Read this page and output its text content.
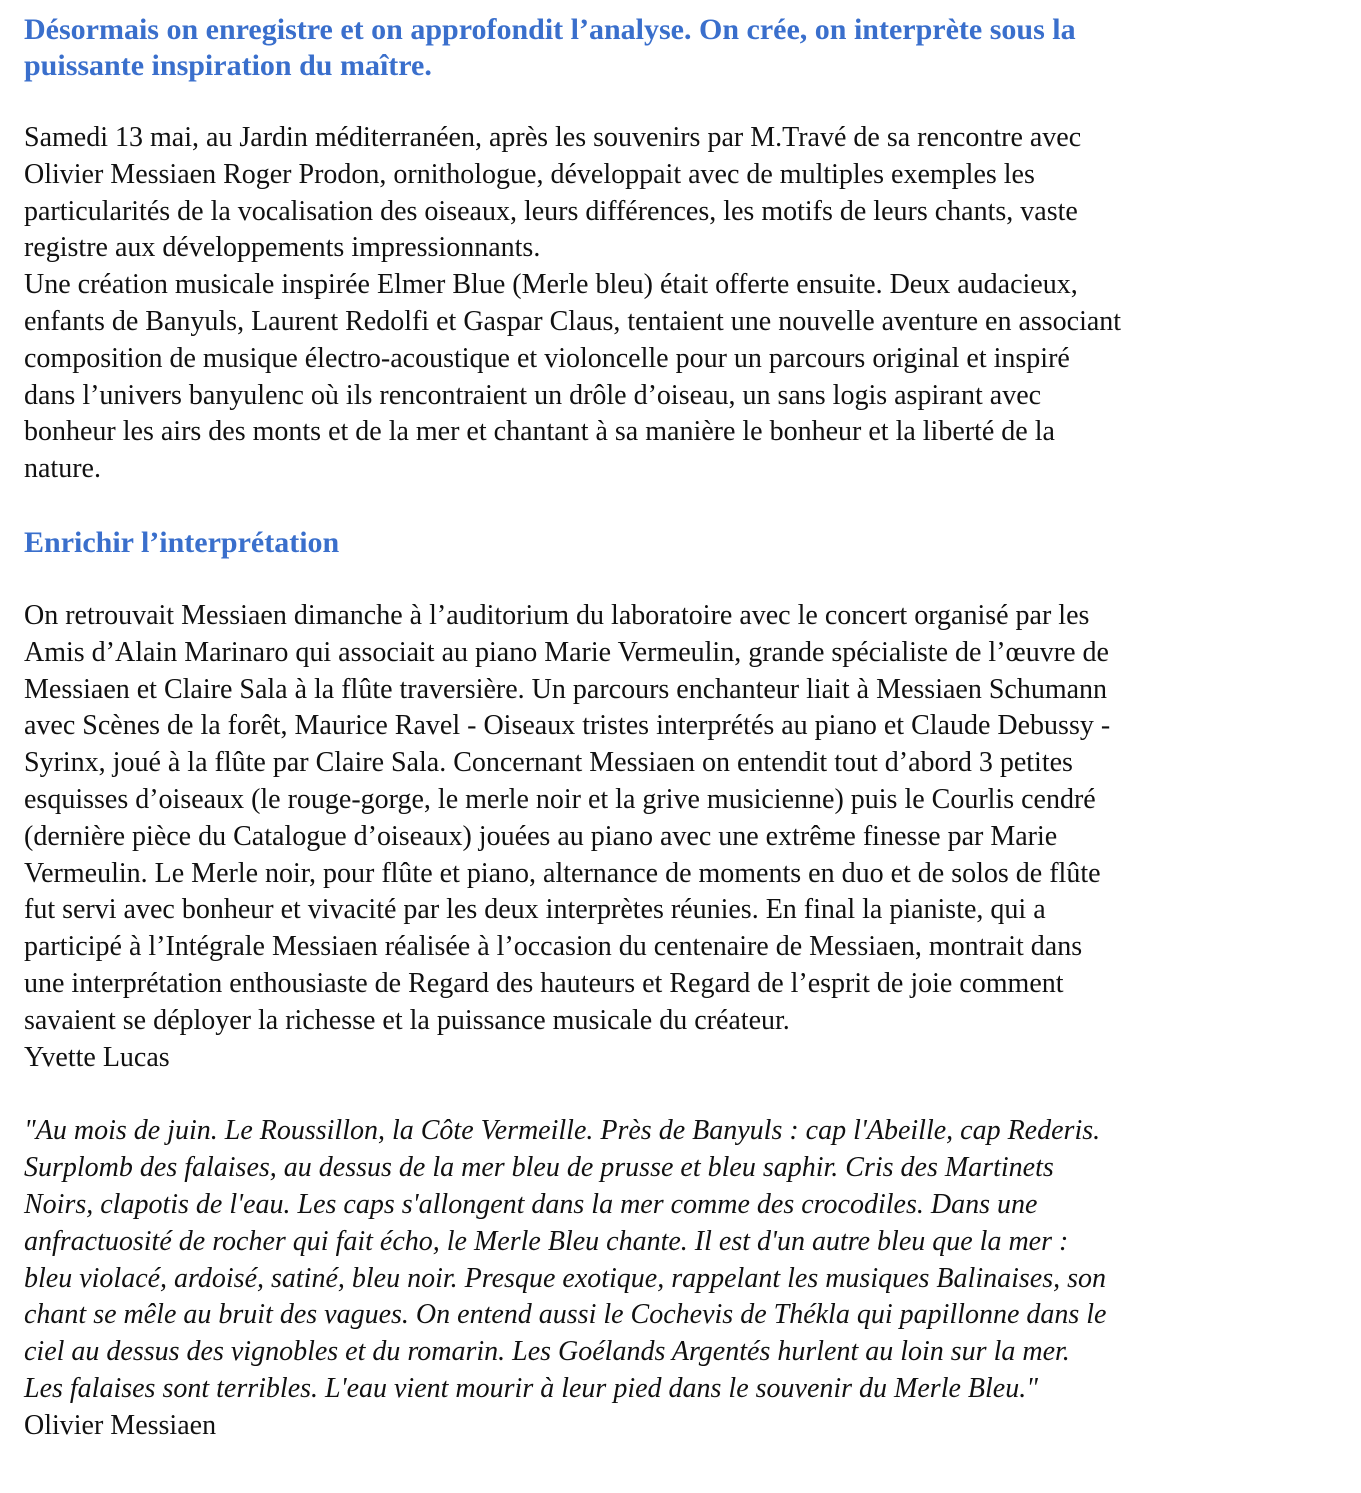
Désormais on enregistre et on approfondit l’analyse. On crée, on interprète sous la
puissante inspiration du maître.

Samedi 13 mai, au Jardin méditerranéen, après les souvenirs par M.Travé de sa rencontre avec
Olivier Messiaen Roger Prodon, ornithologue, développait avec de multiples exemples les
particularités de la vocalisation des oiseaux, leurs différences, les motifs de leurs chants, vaste
registre aux développements impressionnants.

Une création musicale inspirée Elmer Blue (Merle bleu) était offerte ensuite. Deux audacieux,
enfants de Banyuls, Laurent Redolfi et Gaspar Claus, tentaient une nouvelle aventure en associant
composition de musique électro-acoustique et violoncelle pour un parcours original et inspiré
dans l’univers banyulenc où ils rencontraient un drôle d’oiseau, un sans logis aspirant avec
bonheur les airs des monts et de la mer et chantant à sa manière le bonheur et la liberté de la
nature.

Enrichir l’interprétation

On retrouvait Messiaen dimanche à l’auditorium du laboratoire avec le concert organisé par les
Amis d’Alain Marinaro qui associait au piano Marie Vermeulin, grande spécialiste de l’œuvre de
Messiaen et Claire Sala à la flûte traversière. Un parcours enchanteur liait à Messiaen Schumann
avec Scènes de la forêt, Maurice Ravel - Oiseaux tristes interprétés au piano et Claude Debussy -
Syrinx, joué à la flûte par Claire Sala. Concernant Messiaen on entendit tout d’abord 3 petites
esquisses d’oiseaux (le rouge-gorge, le merle noir et la grive musicienne) puis le Courlis cendré
(dernière pièce du Catalogue d’oiseaux) jouées au piano avec une extrême finesse par Marie
Vermeulin. Le Merle noir, pour flûte et piano, alternance de moments en duo et de solos de flûte
fut servi avec bonheur et vivacité par les deux interprètes réunies. En final la pianiste, qui a
participé à l’Intégrale Messiaen réalisée à l’occasion du centenaire de Messiaen, montrait dans
une interprétation enthousiaste de Regard des hauteurs et Regard de l’esprit de joie comment
savaient se déployer la richesse et la puissance musicale du créateur.
Yvette Lucas

"Au mois de juin. Le Roussillon, la Côte Vermeille. Près de Banyuls : cap l'Abeille, cap Rederis.
Surplomb des falaises, au dessus de la mer bleu de prusse et bleu saphir. Cris des Martinets
Noirs, clapotis de l'eau. Les caps s'allongent dans la mer comme des crocodiles. Dans une
anfractuosité de rocher qui fait écho, le Merle Bleu chante. Il est d'un autre bleu que la mer :
bleu violacé, ardoisé, satiné, bleu noir. Presque exotique, rappelant les musiques Balinaises, son
chant se mêle au bruit des vagues. On entend aussi le Cochevis de Thékla qui papillonne dans le
ciel au dessus des vignobles et du romarin. Les Goélands Argentés hurlent au loin sur la mer.
Les falaises sont terribles. L'eau vient mourir à leur pied dans le souvenir du Merle Bleu."

Olivier Messiaen
